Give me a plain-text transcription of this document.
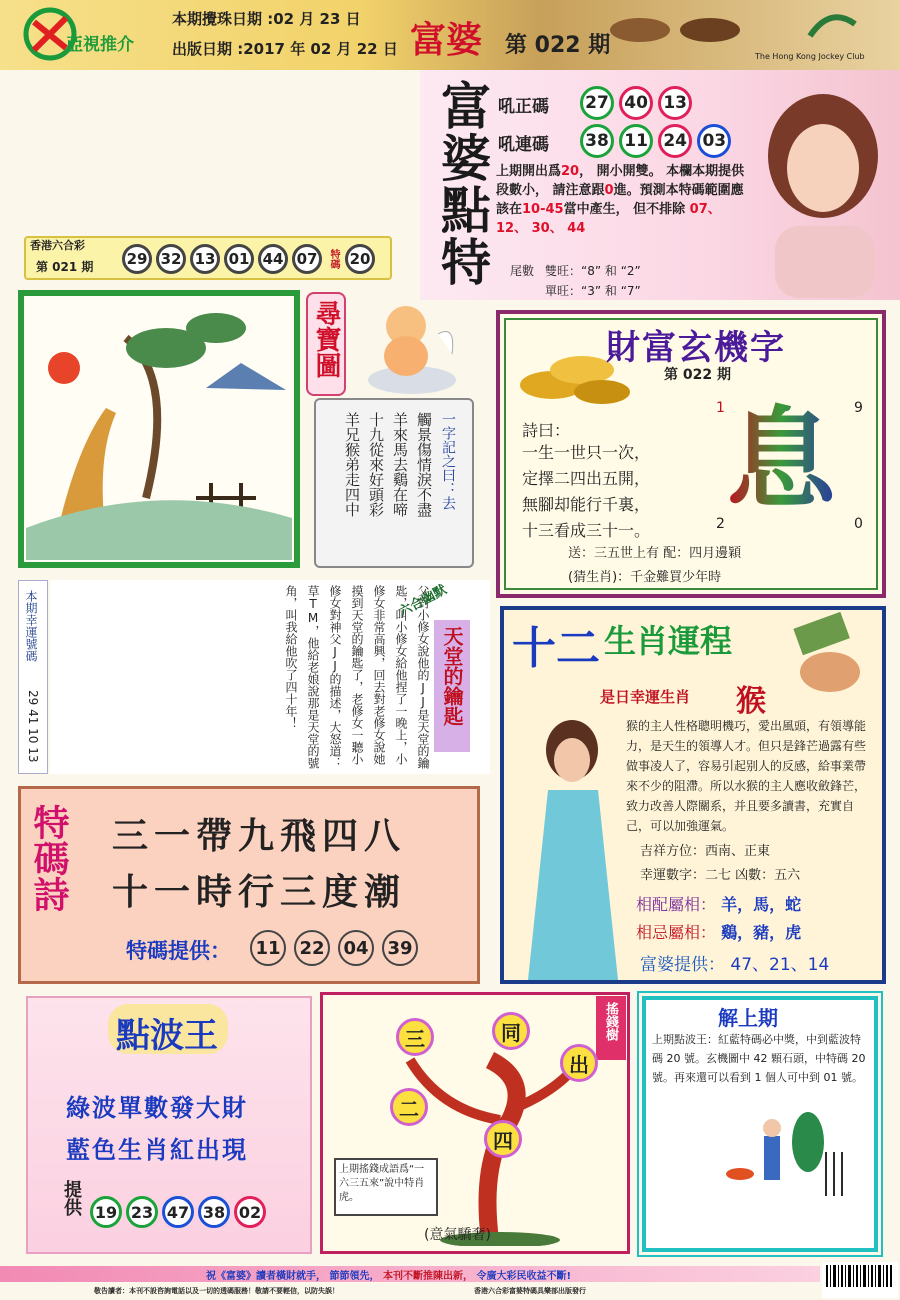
亞視推介
本期攪珠日期 :02 月 23 日
出版日期 :2017 年 02 月 22 日 富婆 第 022 期	The Hong Kong Jockey Club
富婆點特 吼正碼	27 40 13
吼連碼	38 11 24 03
上期開出爲20， 開小開雙。 本欄本期提供段數小， 請注意跟0進。預測本特碼範圍應該在10-45當中產生， 但不排除 07、 12、 30、 44
尾數 雙旺：“8” 和 “2”
單旺：“3” 和 “7”
香港六合彩
第 021 期	29 32 13 01 44 07	特碼 20
尋寶圖
一字記之曰：去
觸景傷情淚不盡
羊來馬去鷄在啼
十九從來好頭彩
羊兄猴弟走四中
財富玄機字
第 022 期
1	9
2	0
詩曰：
一生一世只一次，
定擇二四出五開，
無腳却能行千裏，
十三看成三十一。
息
送：三五世上有 配：四月邊穎
(猜生肖)：千金難買少年時
本期幸運號碼
29 41 10 13	父對小修女說他的JJ是天堂的鑰匙，叫小修女給他捏了一晚上，小修女非常高興，回去對老修女說她摸到天堂的鑰匙了，老修女一聽小修女對神父JJ的描述，大怒道：草TM，他給老娘說那是天堂的號角，叫我給他吹了四十年！	六合幽默
天堂的鑰匙 十二 生肖運程
是日幸運生肖 猴
猴的主人性格聰明機巧，愛出風頭，有領導能力，是天生的領導人才。但只是鋒芒過露有些做事凌人了，容易引起别人的反感，給事業帶來不少的阻滯。所以水猴的主人應收斂鋒芒，致力改善人際關系，并且要多讀書，充實自己，可以加強運氣。
吉祥方位：西南、正東
幸運數字：二七 凶數：五六
相配屬相： 羊，馬，蛇
相忌屬相： 鷄，豬，虎
富婆提供： 47、21、14
特碼詩 三一帶九飛四八
十一時行三度潮
特碼提供：	11	22	04	39
點波王
綠波單數發大財
藍色生肖紅出現
提供 19 23 47 38 02
搖錢樹
三	同
出
二
四
上期搖錢成語爲“一六三五來”說中特肖虎。
(意氣驕奢)
解上期
上期點波王：紅藍特碼必中獎，中到藍波特碼 20 號。玄機圖中 42 顆石頭，中特碼 20 號。再來還可以看到 1 個人可中到 01 號。
祝《富婆》讀者橫財就手， 節節領先， 本刊不斷推陳出新， 令廣大彩民收益不斷!
敬告讀者：本刊不設咨詢電話以及一切的透碼服務！敬請不要輕信，以防失誤！	香港六合彩富婆特碼具樂部出版發行
